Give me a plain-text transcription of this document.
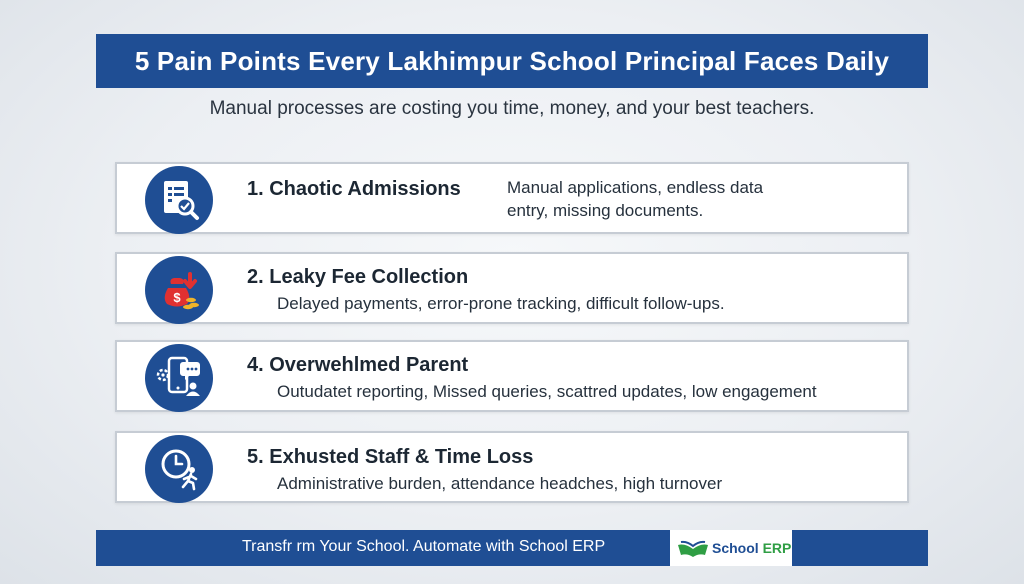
5 Pain Points Every Lakhimpur School Principal Faces Daily
Manual processes are costing you time, money, and your best teachers.
1. Chaotic Admissions	Manual applications, endless data entry, missing documents.
$
2. Leaky Fee Collection
Delayed payments, error-prone tracking, difficult follow-ups.
4. Overwehlmed Parent
Outudatet reporting, Missed queries, scattred updates, low engagement
5. Exhusted Staff & Time Loss
Administrative burden, attendance headches, high turnover
Transfr rm Your School. Automate with School ERP	School ERP
